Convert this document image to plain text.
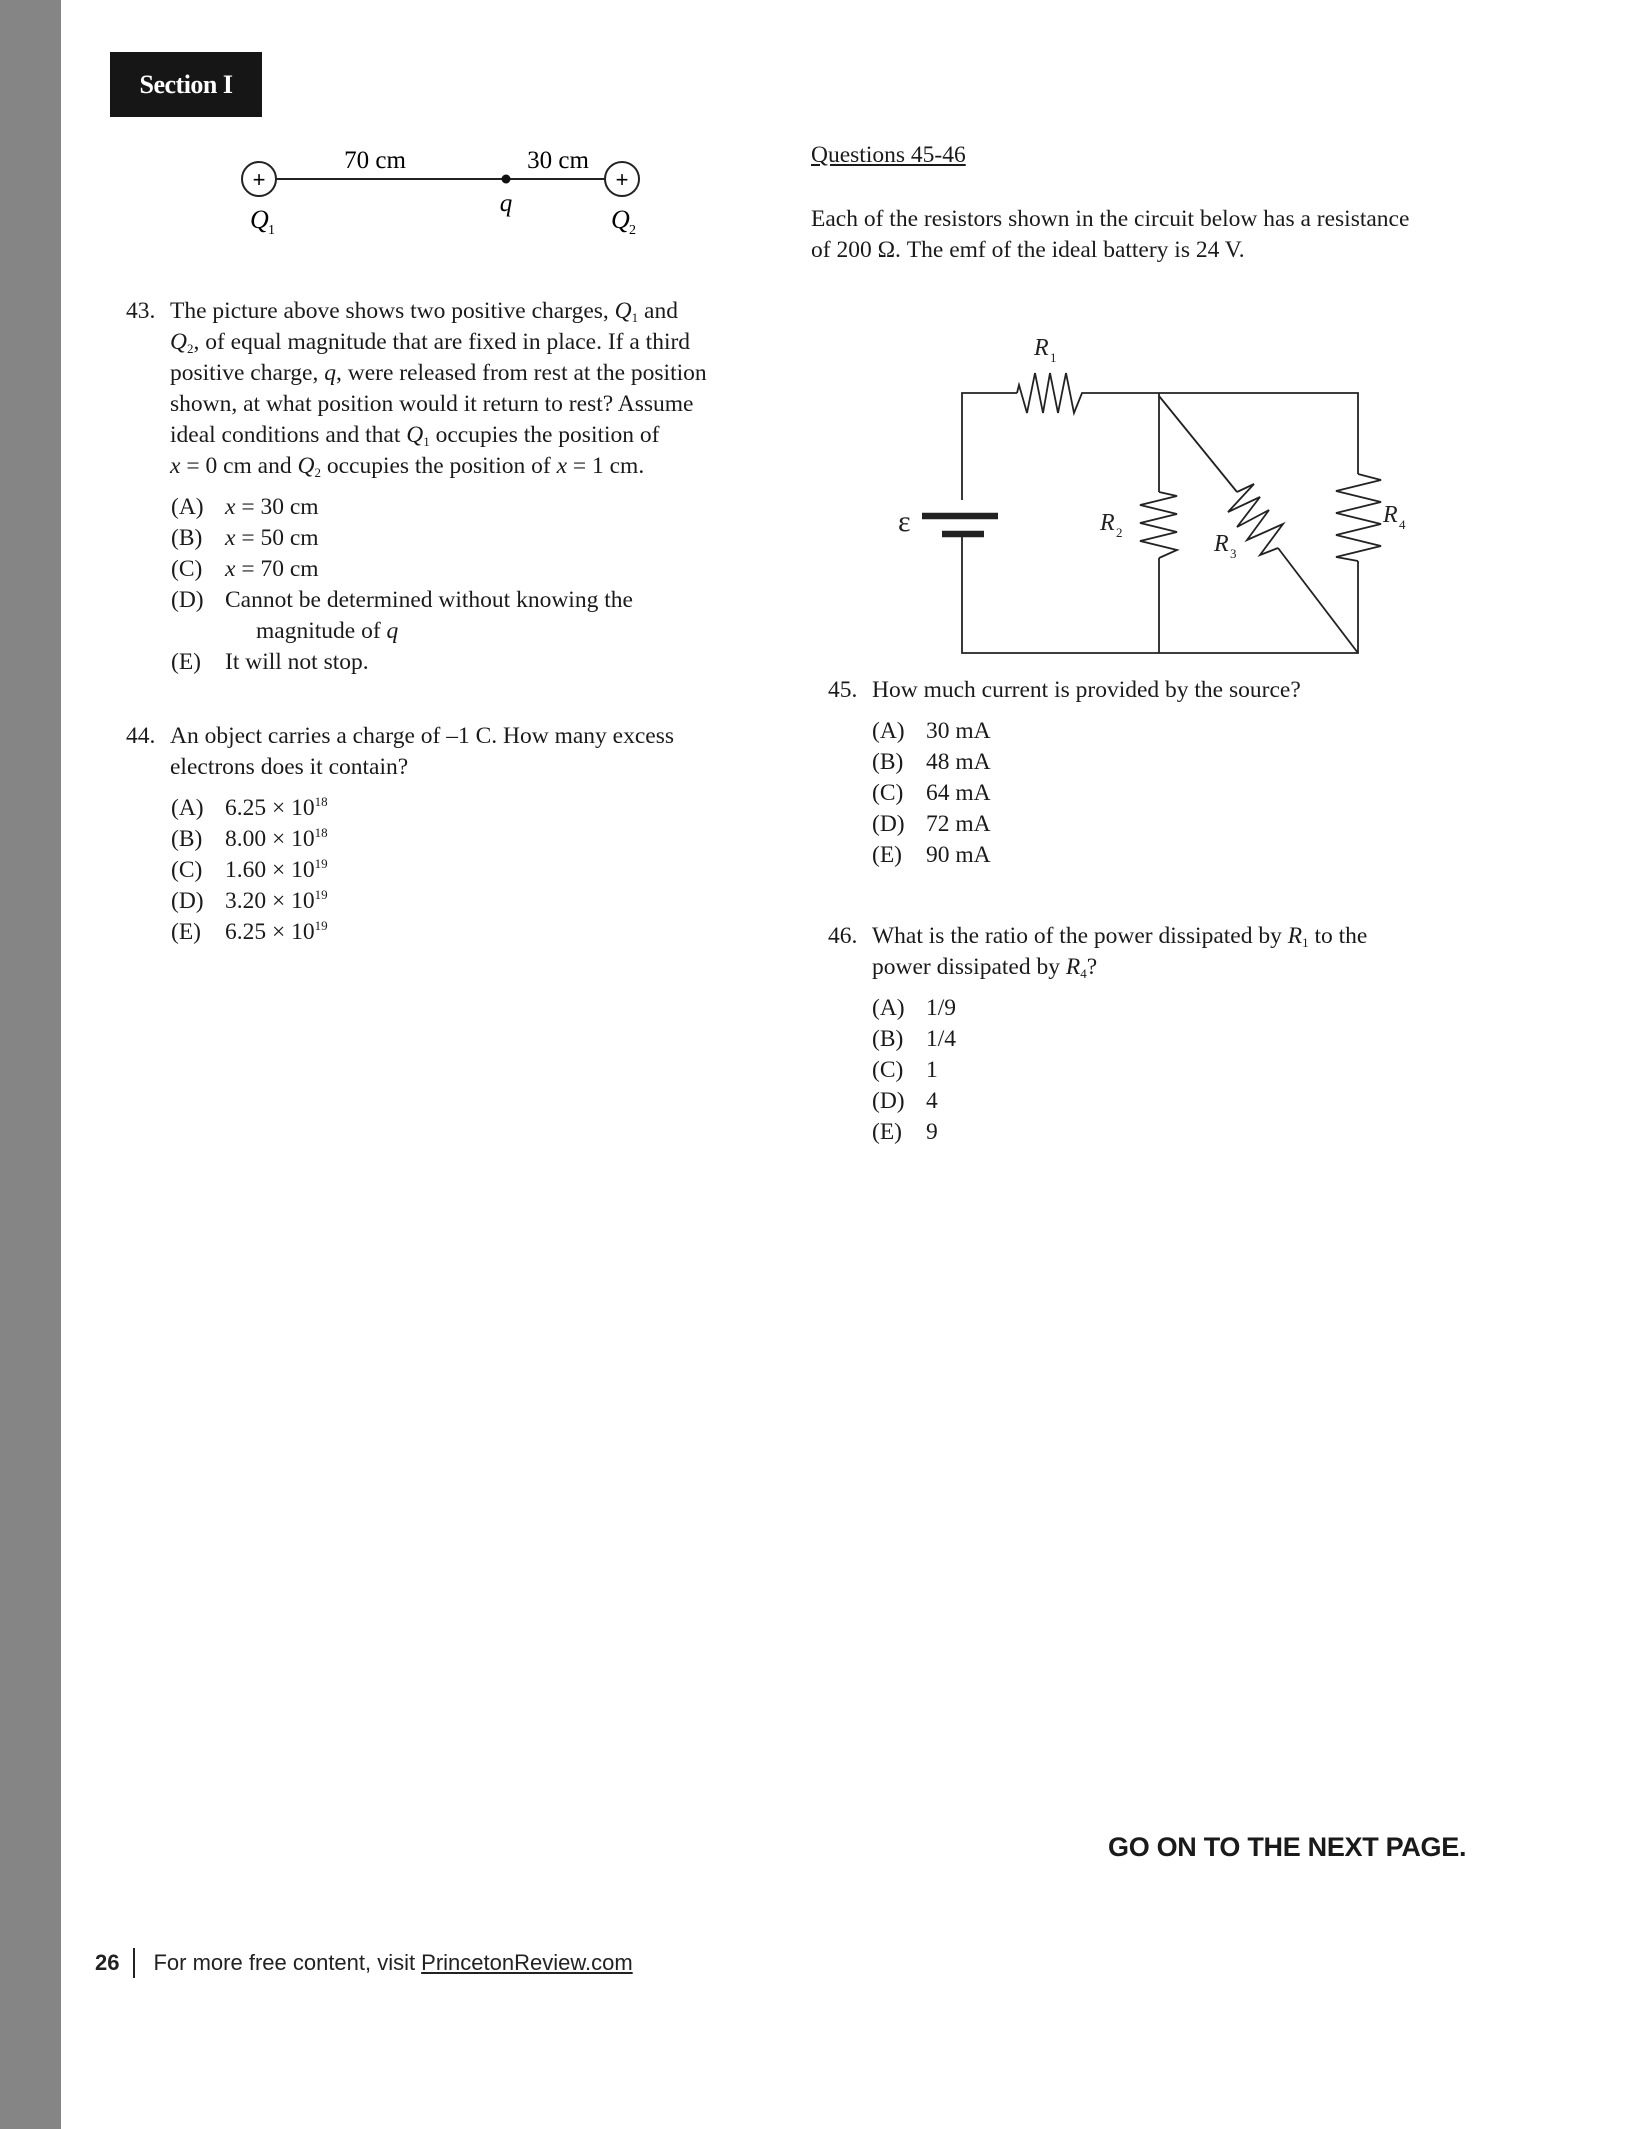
Section I
+	+
70 cm	30 cm
q
Q 1	Q 2
ε
R 1
R 2	R 3
R 4
43. The picture above shows two positive charges, $Q_1$ and
$Q_2$, of equal magnitude that are fixed in place. If a third
positive charge, q, were released from rest at the position
shown, at what position would it return to rest? Assume
ideal conditions and that $Q_1$ occupies the position of
x = 0 cm and $Q_2$ occupies the position of x = 1 cm.
(A) x = 30 cm
(B) x = 50 cm
(C) x = 70 cm
(D) Cannot be determined without knowing the
magnitude of q
(E) It will not stop.
44. An object carries a charge of –1 C. How many excess
electrons does it contain?
(A) $6.25 \times 10^{18}$
(B) $8.00 \times 10^{18}$
(C) $1.60 \times 10^{19}$
(D) $3.20 \times 10^{19}$
(E) $6.25 \times 10^{19}$
Questions 45-46
Each of the resistors shown in the circuit below has a resistance
of 200 Ω. The emf of the ideal battery is 24 V.
45. How much current is provided by the source?
(A) 30 mA
(B) 48 mA
(C) 64 mA
(D) 72 mA
(E) 90 mA
46. What is the ratio of the power dissipated by $R_1$ to the
power dissipated by $R_4$?
(A) 1/9
(B) 1/4
(C) 1
(D) 4
(E) 9
GO ON TO THE NEXT PAGE.
26 For more free content, visit PrincetonReview.com
